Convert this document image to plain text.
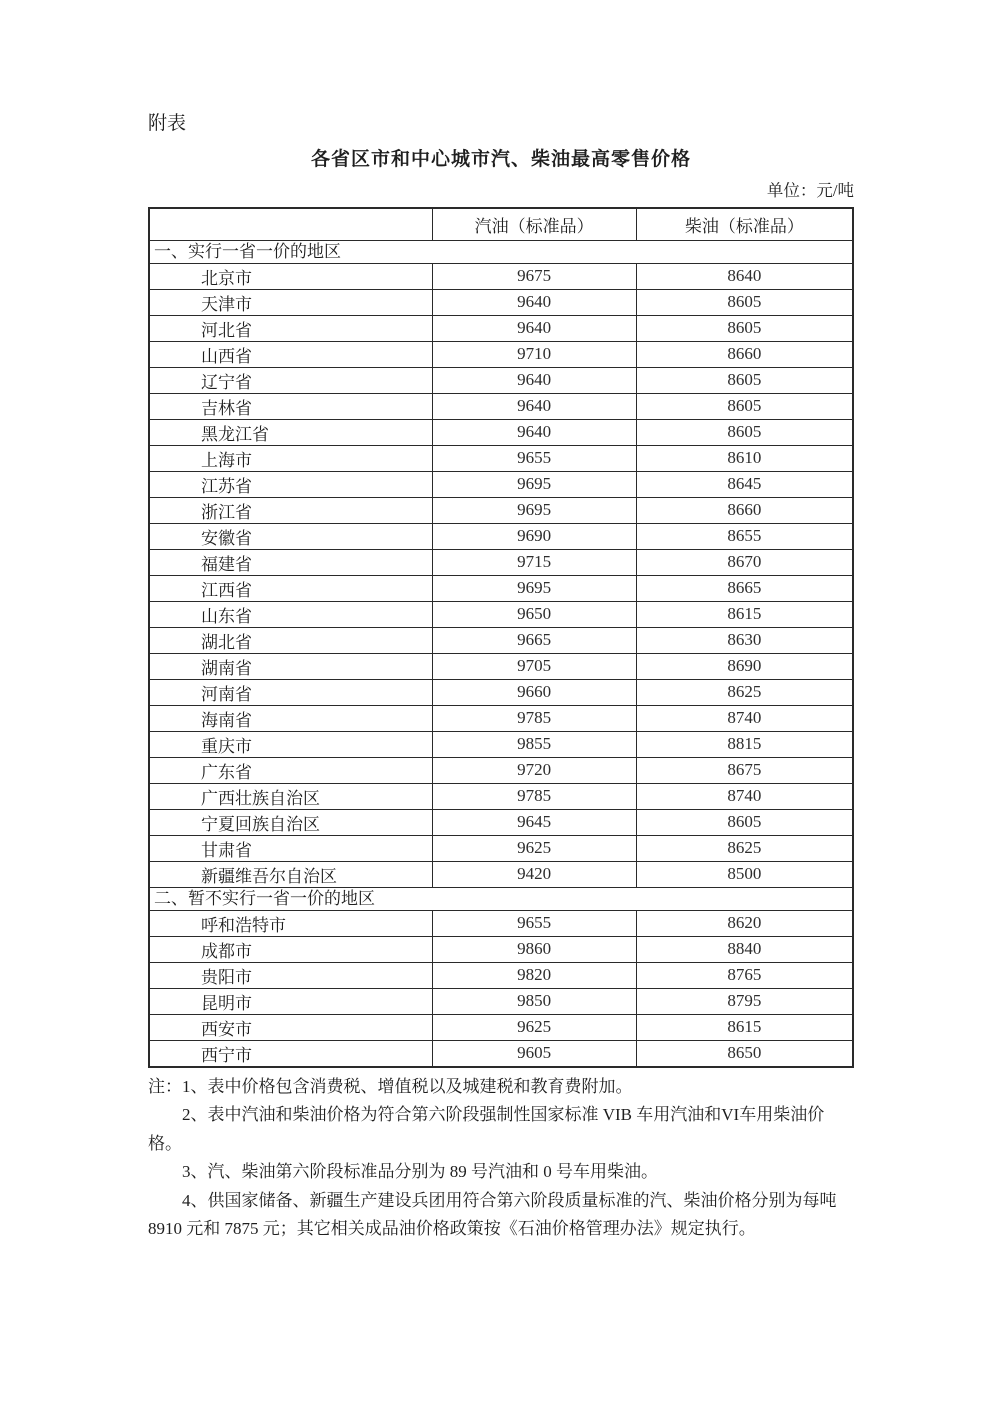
附表
各省区市和中心城市汽、柴油最高零售价格
单位：元/吨
	汽油（标准品）	柴油（标准品）
一、实行一省一价的地区		
北京市	9675	8640
天津市	9640	8605
河北省	9640	8605
山西省	9710	8660
辽宁省	9640	8605
吉林省	9640	8605
黑龙江省	9640	8605
上海市	9655	8610
江苏省	9695	8645
浙江省	9695	8660
安徽省	9690	8655
福建省	9715	8670
江西省	9695	8665
山东省	9650	8615
湖北省	9665	8630
湖南省	9705	8690
河南省	9660	8625
海南省	9785	8740
重庆市	9855	8815
广东省	9720	8675
广西壮族自治区	9785	8740
宁夏回族自治区	9645	8605
甘肃省	9625	8625
新疆维吾尔自治区	9420	8500
二、暂不实行一省一价的地区		
呼和浩特市	9655	8620
成都市	9860	8840
贵阳市	9820	8765
昆明市	9850	8795
西安市	9625	8615
西宁市	9605	8650

注：1、表中价格包含消费税、增值税以及城建税和教育费附加。

2、表中汽油和柴油价格为符合第六阶段强制性国家标准 VIB 车用汽油和VI车用柴油价格。

3、汽、柴油第六阶段标准品分别为 89 号汽油和 0 号车用柴油。

4、供国家储备、新疆生产建设兵团用符合第六阶段质量标准的汽、柴油价格分别为每吨 8910 元和 7875 元；其它相关成品油价格政策按《石油价格管理办法》规定执行。
